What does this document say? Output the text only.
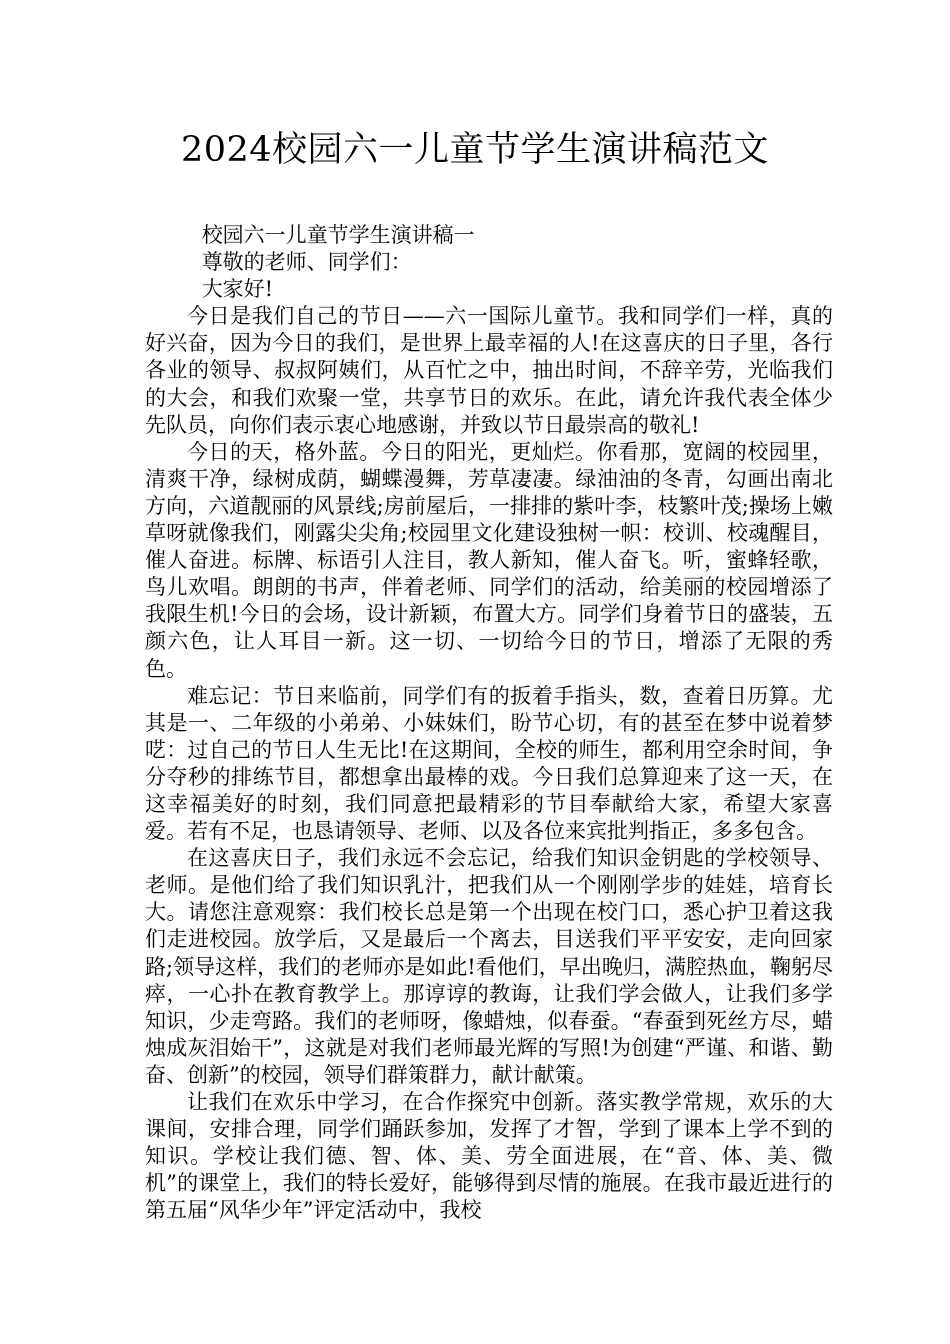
2024校园六一儿童节学生演讲稿范文

校园六一儿童节学生演讲稿一

尊敬的老师、同学们：

大家好!

今日是我们自己的节日——六一国际儿童节。我和同学们一样，真的好兴奋，因为今日的我们，是世界上最幸福的人!在这喜庆的日子里，各行各业的领导、叔叔阿姨们，从百忙之中，抽出时间，不辞辛劳，光临我们的大会，和我们欢聚一堂，共享节日的欢乐。在此，请允许我代表全体少先队员，向你们表示衷心地感谢，并致以节日最崇高的敬礼!

今日的天，格外蓝。今日的阳光，更灿烂。你看那，宽阔的校园里，清爽干净，绿树成荫，蝴蝶漫舞，芳草凄凄。绿油油的冬青，勾画出南北方向，六道靓丽的风景线;房前屋后，一排排的紫叶李，枝繁叶茂;操场上嫩草呀就像我们，刚露尖尖角;校园里文化建设独树一帜：校训、校魂醒目，催人奋进。标牌、标语引人注目，教人新知，催人奋飞。听，蜜蜂轻歌，鸟儿欢唱。朗朗的书声，伴着老师、同学们的活动，给美丽的校园增添了我限生机!今日的会场，设计新颖，布置大方。同学们身着节日的盛装，五颜六色，让人耳目一新。这一切、一切给今日的节日，增添了无限的秀色。

难忘记：节日来临前，同学们有的扳着手指头，数，查着日历算。尤其是一、二年级的小弟弟、小妹妹们，盼节心切，有的甚至在梦中说着梦呓：过自己的节日人生无比!在这期间，全校的师生，都利用空余时间，争分夺秒的排练节目，都想拿出最棒的戏。今日我们总算迎来了这一天，在这幸福美好的时刻，我们同意把最精彩的节目奉献给大家，希望大家喜爱。若有不足，也恳请领导、老师、以及各位来宾批判指正，多多包含。

在这喜庆日子，我们永远不会忘记，给我们知识金钥匙的学校领导、老师。是他们给了我们知识乳汁，把我们从一个刚刚学步的娃娃，培育长大。请您注意观察：我们校长总是第一个出现在校门口，悉心护卫着这我们走进校园。放学后，又是最后一个离去，目送我们平平安安，走向回家路;领导这样，我们的老师亦是如此!看他们，早出晚归，满腔热血，鞠躬尽瘁，一心扑在教育教学上。那谆谆的教诲，让我们学会做人，让我们多学知识，少走弯路。我们的老师呀，像蜡烛，似春蚕。“春蚕到死丝方尽，蜡烛成灰泪始干”，这就是对我们老师最光辉的写照!为创建“严谨、和谐、勤奋、创新”的校园，领导们群策群力，献计献策。

让我们在欢乐中学习，在合作探究中创新。落实教学常规，欢乐的大课间，安排合理，同学们踊跃参加，发挥了才智，学到了课本上学不到的知识。学校让我们德、智、体、美、劳全面进展，在“音、体、美、微机”的课堂上，我们的特长爱好，能够得到尽情的施展。在我市最近进行的第五届“风华少年”评定活动中，我校
